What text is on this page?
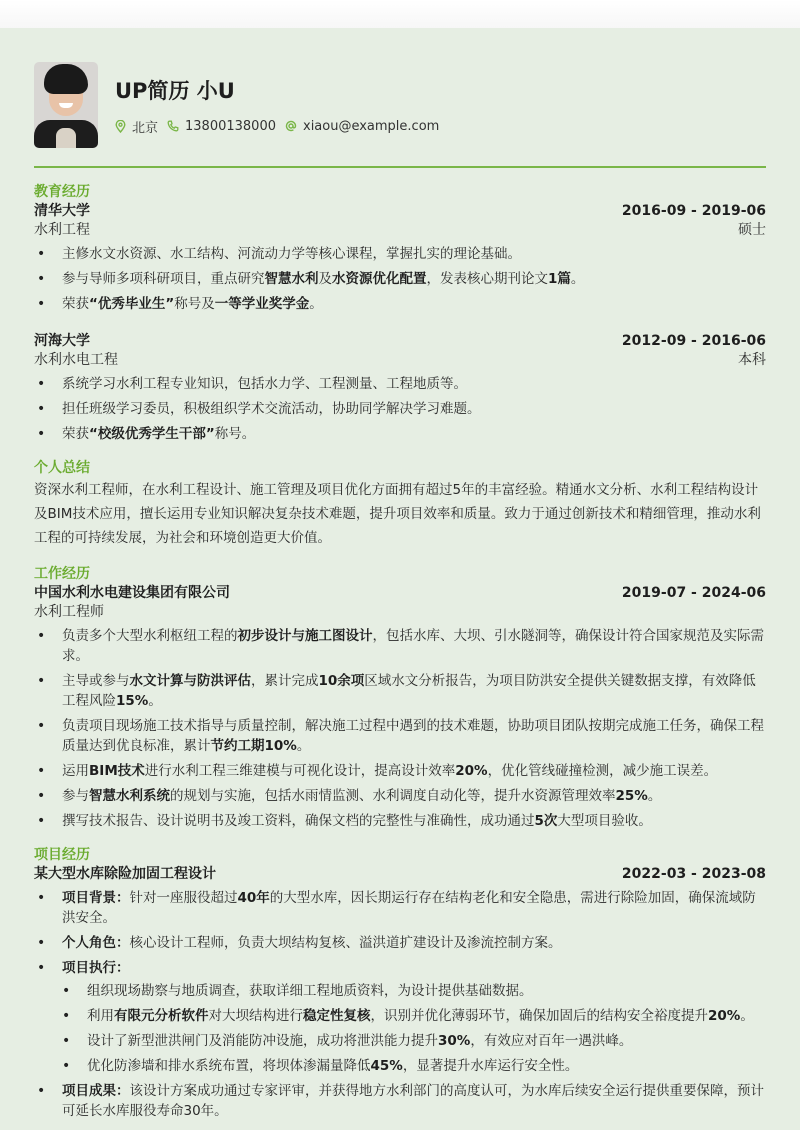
UP简历 小U
北京 13800138000 xiaou@example.com
教育经历
清华大学	2016-09 - 2019-06
水利工程	硕士
• 主修水文水资源、水工结构、河流动力学等核心课程，掌握扎实的理论基础。
• 参与导师多项科研项目，重点研究智慧水利及水资源优化配置，发表核心期刊论文1篇。
• 荣获“优秀毕业生”称号及一等学业奖学金。
河海大学	2012-09 - 2016-06
水利水电工程	本科
• 系统学习水利工程专业知识，包括水力学、工程测量、工程地质等。
• 担任班级学习委员，积极组织学术交流活动，协助同学解决学习难题。
• 荣获“校级优秀学生干部”称号。
个人总结
资深水利工程师，在水利工程设计、施工管理及项目优化方面拥有超过5年的丰富经验。精通水文分析、水利工程结构设计及BIM技术应用，擅长运用专业知识解决复杂技术难题，提升项目效率和质量。致力于通过创新技术和精细管理，推动水利工程的可持续发展，为社会和环境创造更大价值。
工作经历
中国水利水电建设集团有限公司	2019-07 - 2024-06
水利工程师
• 负责多个大型水利枢纽工程的初步设计与施工图设计，包括水库、大坝、引水隧洞等，确保设计符合国家规范及实际需求。
• 主导或参与水文计算与防洪评估，累计完成10余项区域水文分析报告，为项目防洪安全提供关键数据支撑，有效降低工程风险15%。
• 负责项目现场施工技术指导与质量控制，解决施工过程中遇到的技术难题，协助项目团队按期完成施工任务，确保工程质量达到优良标准，累计节约工期10%。
• 运用BIM技术进行水利工程三维建模与可视化设计，提高设计效率20%，优化管线碰撞检测，减少施工误差。
• 参与智慧水利系统的规划与实施，包括水雨情监测、水利调度自动化等，提升水资源管理效率25%。
• 撰写技术报告、设计说明书及竣工资料，确保文档的完整性与准确性，成功通过5次大型项目验收。
项目经历
某大型水库除险加固工程设计	2022-03 - 2023-08
• 项目背景：针对一座服役超过40年的大型水库，因长期运行存在结构老化和安全隐患，需进行除险加固，确保流域防洪安全。
• 个人角色：核心设计工程师，负责大坝结构复核、溢洪道扩建设计及渗流控制方案。
• 项目执行：
• 组织现场勘察与地质调查，获取详细工程地质资料，为设计提供基础数据。
• 利用有限元分析软件对大坝结构进行稳定性复核，识别并优化薄弱环节，确保加固后的结构安全裕度提升20%。
• 设计了新型泄洪闸门及消能防冲设施，成功将泄洪能力提升30%，有效应对百年一遇洪峰。
• 优化防渗墙和排水系统布置，将坝体渗漏量降低45%，显著提升水库运行安全性。
• 项目成果：该设计方案成功通过专家评审，并获得地方水利部门的高度认可，为水库后续安全运行提供重要保障，预计可延长水库服役寿命30年。
